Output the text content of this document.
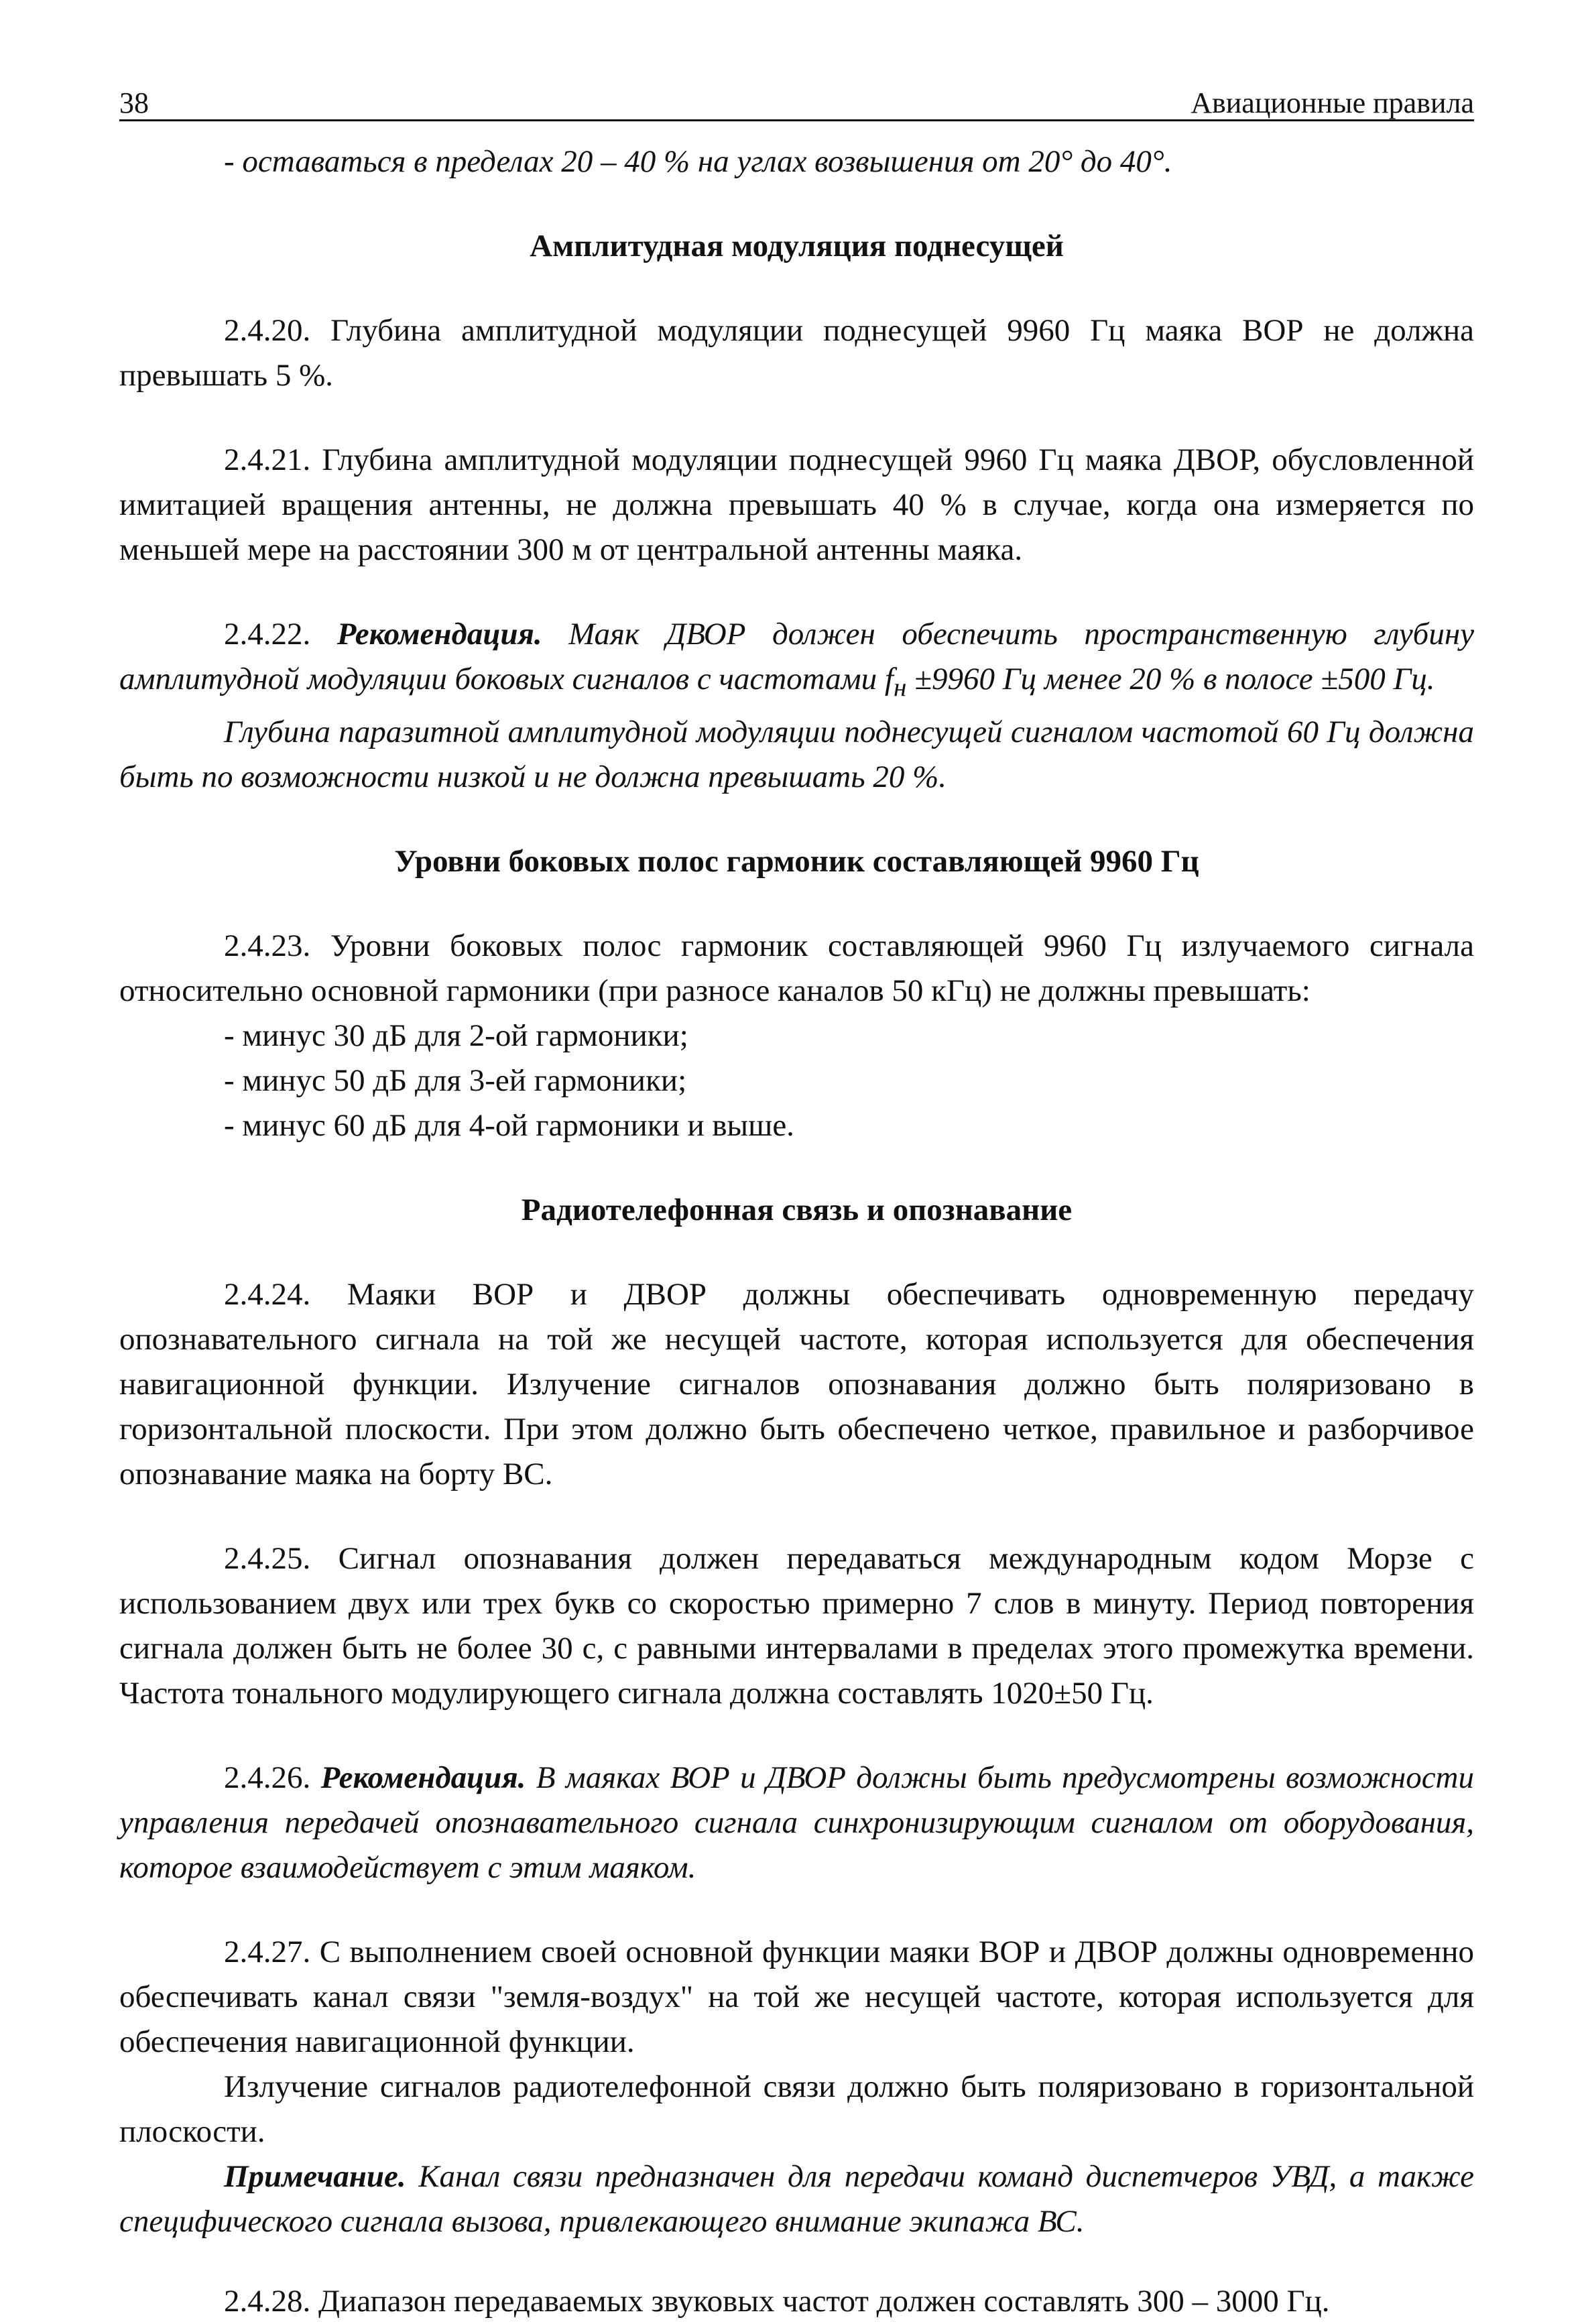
38	Авиационные правила

- оставаться в пределах 20 – 40 % на углах возвышения от 20° до 40°.

Амплитудная модуляция поднесущей

2.4.20. Глубина амплитудной модуляции поднесущей 9960 Гц маяка ВОР не должна превышать 5 %.

2.4.21. Глубина амплитудной модуляции поднесущей 9960 Гц маяка ДВОР, обусловленной имитацией вращения антенны, не должна превышать 40 % в случае, когда она измеряется по меньшей мере на расстоянии 300 м от центральной антенны маяка.

2.4.22. Рекомендация. Маяк ДВОР должен обеспечить пространственную глубину амплитудной модуляции боковых сигналов с частотами $f_н \pm 9960$ Гц менее 20 % в полосе ±500 Гц.

Глубина паразитной амплитудной модуляции поднесущей сигналом частотой 60 Гц должна быть по возможности низкой и не должна превышать 20 %.

Уровни боковых полос гармоник составляющей 9960 Гц

2.4.23. Уровни боковых полос гармоник составляющей 9960 Гц излучаемого сигнала относительно основной гармоники (при разносе каналов 50 кГц) не должны превышать:

- минус 30 дБ для 2-ой гармоники;

- минус 50 дБ для 3-ей гармоники;

- минус 60 дБ для 4-ой гармоники и выше.

Радиотелефонная связь и опознавание

2.4.24. Маяки ВОР и ДВОР должны обеспечивать одновременную передачу опознавательного сигнала на той же несущей частоте, которая используется для обеспечения навигационной функции. Излучение сигналов опознавания должно быть поляризовано в горизонтальной плоскости. При этом должно быть обеспечено четкое, правильное и разборчивое опознавание маяка на борту ВС.

2.4.25. Сигнал опознавания должен передаваться международным кодом Морзе с использованием двух или трех букв со скоростью примерно 7 слов в минуту. Период повторения сигнала должен быть не более 30 с, с равными интервалами в пределах этого промежутка времени. Частота тонального модулирующего сигнала должна составлять 1020±50 Гц.

2.4.26. Рекомендация. В маяках ВОР и ДВОР должны быть предусмотрены возможности управления передачей опознавательного сигнала синхронизирующим сигналом от оборудования, которое взаимодействует с этим маяком.

2.4.27. С выполнением своей основной функции маяки ВОР и ДВОР должны одновременно обеспечивать канал связи "земля-воздух" на той же несущей частоте, которая используется для обеспечения навигационной функции.

Излучение сигналов радиотелефонной связи должно быть поляризовано в горизонтальной плоскости.

Примечание. Канал связи предназначен для передачи команд диспетчеров УВД, а также специфического сигнала вызова, привлекающего внимание экипажа ВС.

2.4.28. Диапазон передаваемых звуковых частот должен составлять 300 – 3000 Гц.
